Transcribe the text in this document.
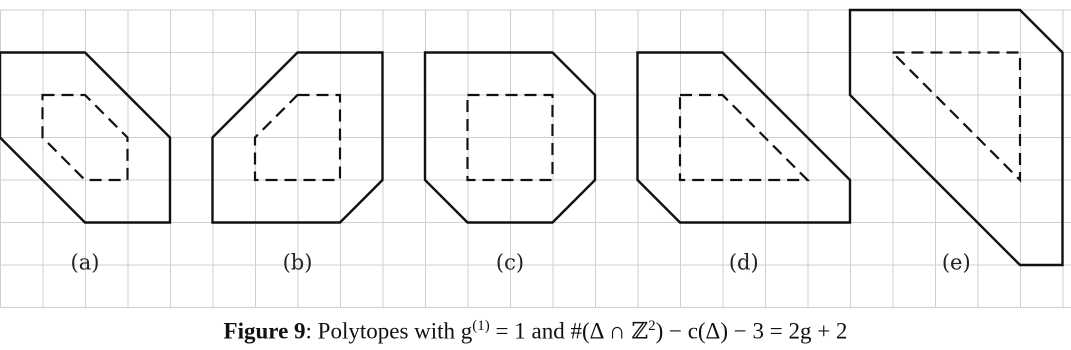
(a)	(b)	(c)	(d)	(e)
Figure 9: Polytopes with $g^{(1)} = 1$ and #(Δ ∩ ℤ$^2$) − c(Δ) − 3 = 2g + 2
